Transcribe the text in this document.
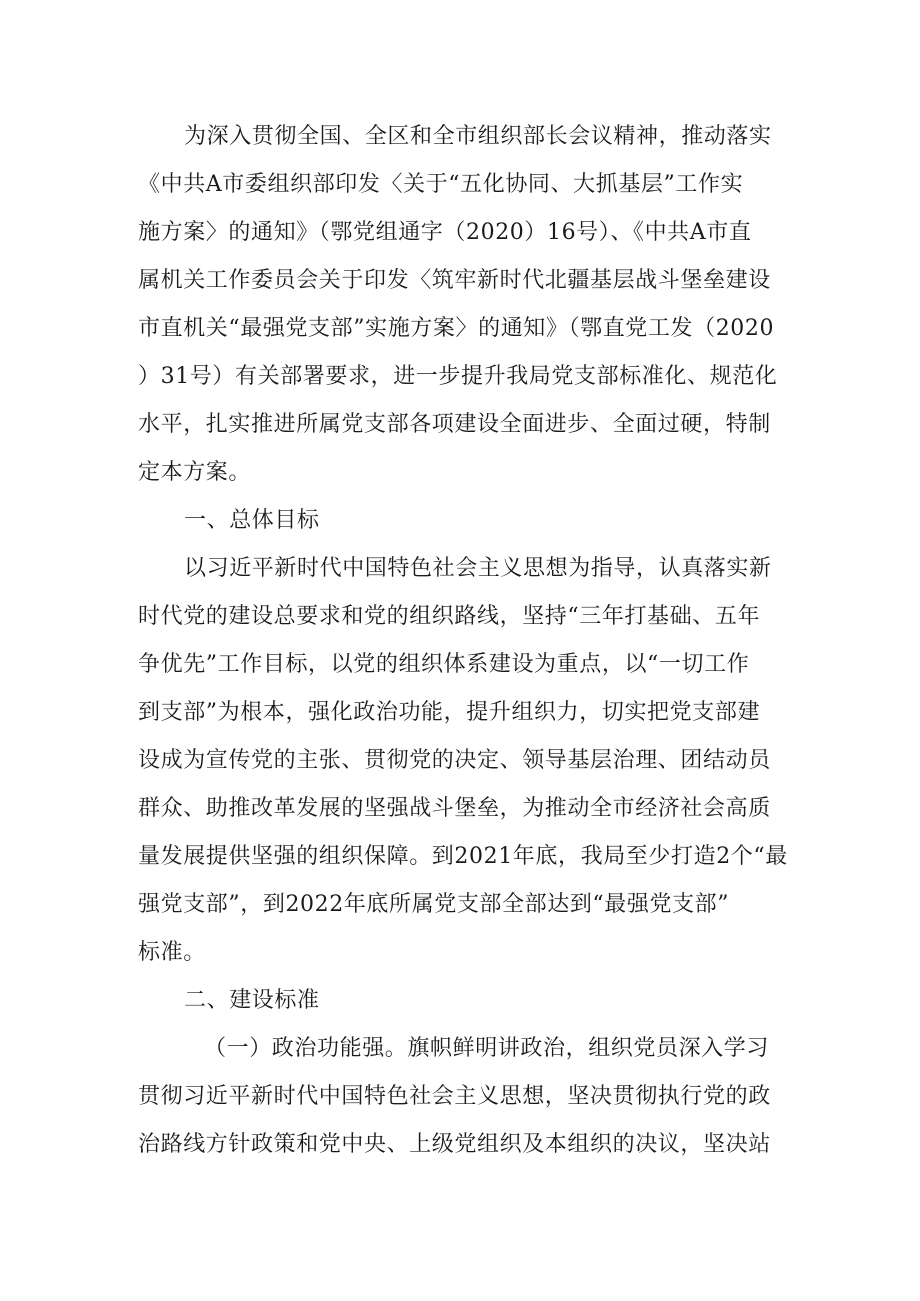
为深入贯彻全国、全区和全市组织部长会议精神，推动落实
《中共A市委组织部印发〈关于“五化协同、大抓基层”工作实
施方案〉的通知》（鄂党组通字（2020）16号）、《中共A市直
属机关工作委员会关于印发〈筑牢新时代北疆基层战斗堡垒建设
市直机关“最强党支部”实施方案〉的通知》（鄂直党工发（2020
）31号）有关部署要求，进一步提升我局党支部标准化、规范化
水平，扎实推进所属党支部各项建设全面进步、全面过硬，特制
定本方案。
一、总体目标
以习近平新时代中国特色社会主义思想为指导，认真落实新
时代党的建设总要求和党的组织路线，坚持“三年打基础、五年
争优先”工作目标，以党的组织体系建设为重点，以“一切工作
到支部”为根本，强化政治功能，提升组织力，切实把党支部建
设成为宣传党的主张、贯彻党的决定、领导基层治理、团结动员
群众、助推改革发展的坚强战斗堡垒，为推动全市经济社会高质
量发展提供坚强的组织保障。到2021年底，我局至少打造2个“最
强党支部”，到2022年底所属党支部全部达到“最强党支部”
标准。
二、建设标准
（一）政治功能强。旗帜鲜明讲政治，组织党员深入学习
贯彻习近平新时代中国特色社会主义思想，坚决贯彻执行党的政
治路线方针政策和党中央、上级党组织及本组织的决议，坚决站
